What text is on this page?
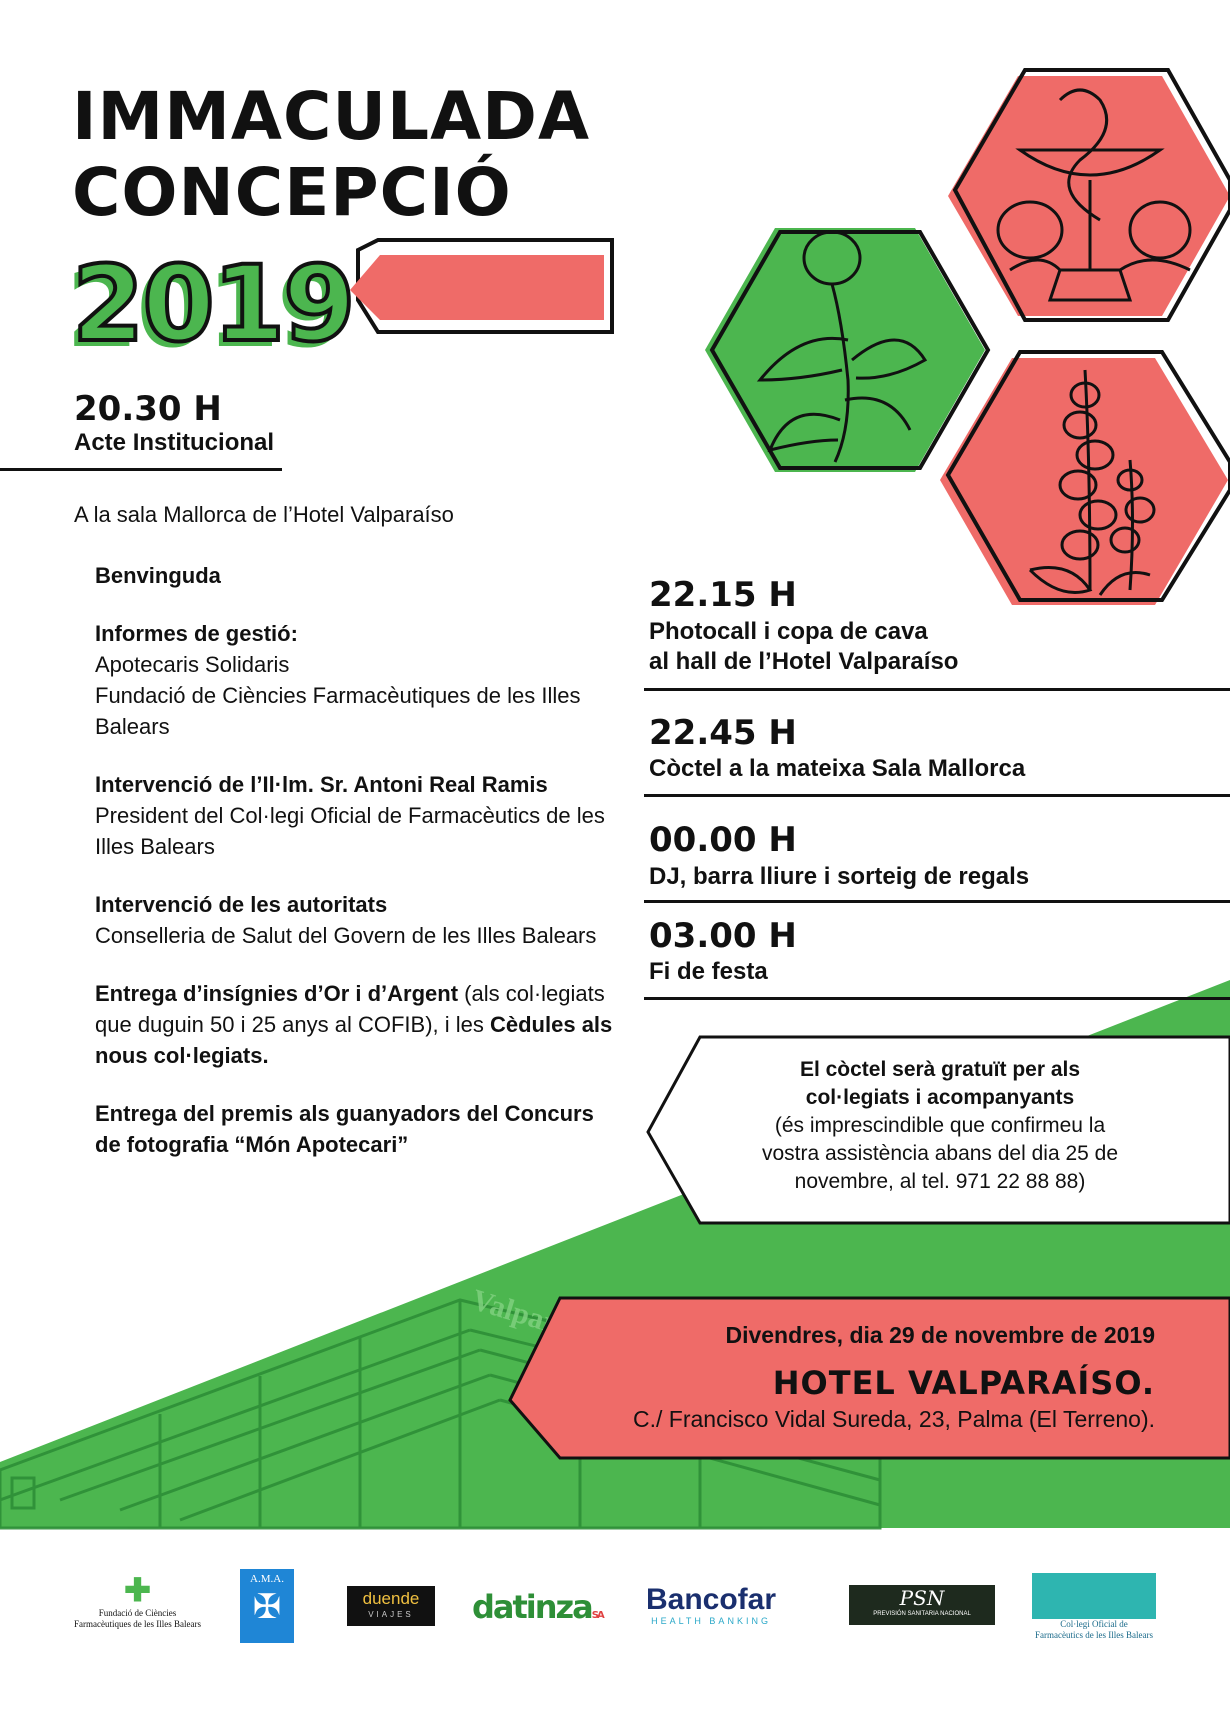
Valparaiso
IMMACULADA
CONCEPCIÓ
2019
20.30 H
Acte Institucional
A la sala Mallorca de l’Hotel Valparaíso

Benvinguda

Informes de gestió:
Apotecaris Solidaris
Fundació de Ciències Farmacèutiques de les Illes Balears

Intervenció de l’Il·lm. Sr. Antoni Real Ramis
President del Col·legi Oficial de Farmacèutics de les Illes Balears

Intervenció de les autoritats
Conselleria de Salut del Govern de les Illes Balears

Entrega d’insígnies d’Or i d’Argent (als col·legiats que duguin 50 i 25 anys al COFIB), i les Cèdules als nous col·legiats.

Entrega del premis als guanyadors del Concurs de fotografia “Món Apotecari”

22.15 H
Photocall i copa de cava
al hall de l’Hotel Valparaíso
22.45 H
Còctel a la mateixa Sala Mallorca
00.00 H
DJ, barra lliure i sorteig de regals
03.00 H
Fi de festa
El còctel serà gratuït per als
col·legiats i acompanyants
(és imprescindible que confirmeu la
vostra assistència abans del dia 25 de
novembre, al tel. 971 22 88 88)
Divendres, dia 29 de novembre de 2019
HOTEL VALPARAÍSO.
C./ Francisco Vidal Sureda, 23, Palma (El Terreno).
✚
Fundació de Ciències
Farmacèutiques de les Illes Balears
A.M.A.
✠	duende
VIAJES	datinzaSA Bancofar
HEALTH BANKING
PSN
PREVISIÓN SANITARIA NACIONAL
Col·legi Oficial de
Farmacèutics de les Illes Balears
